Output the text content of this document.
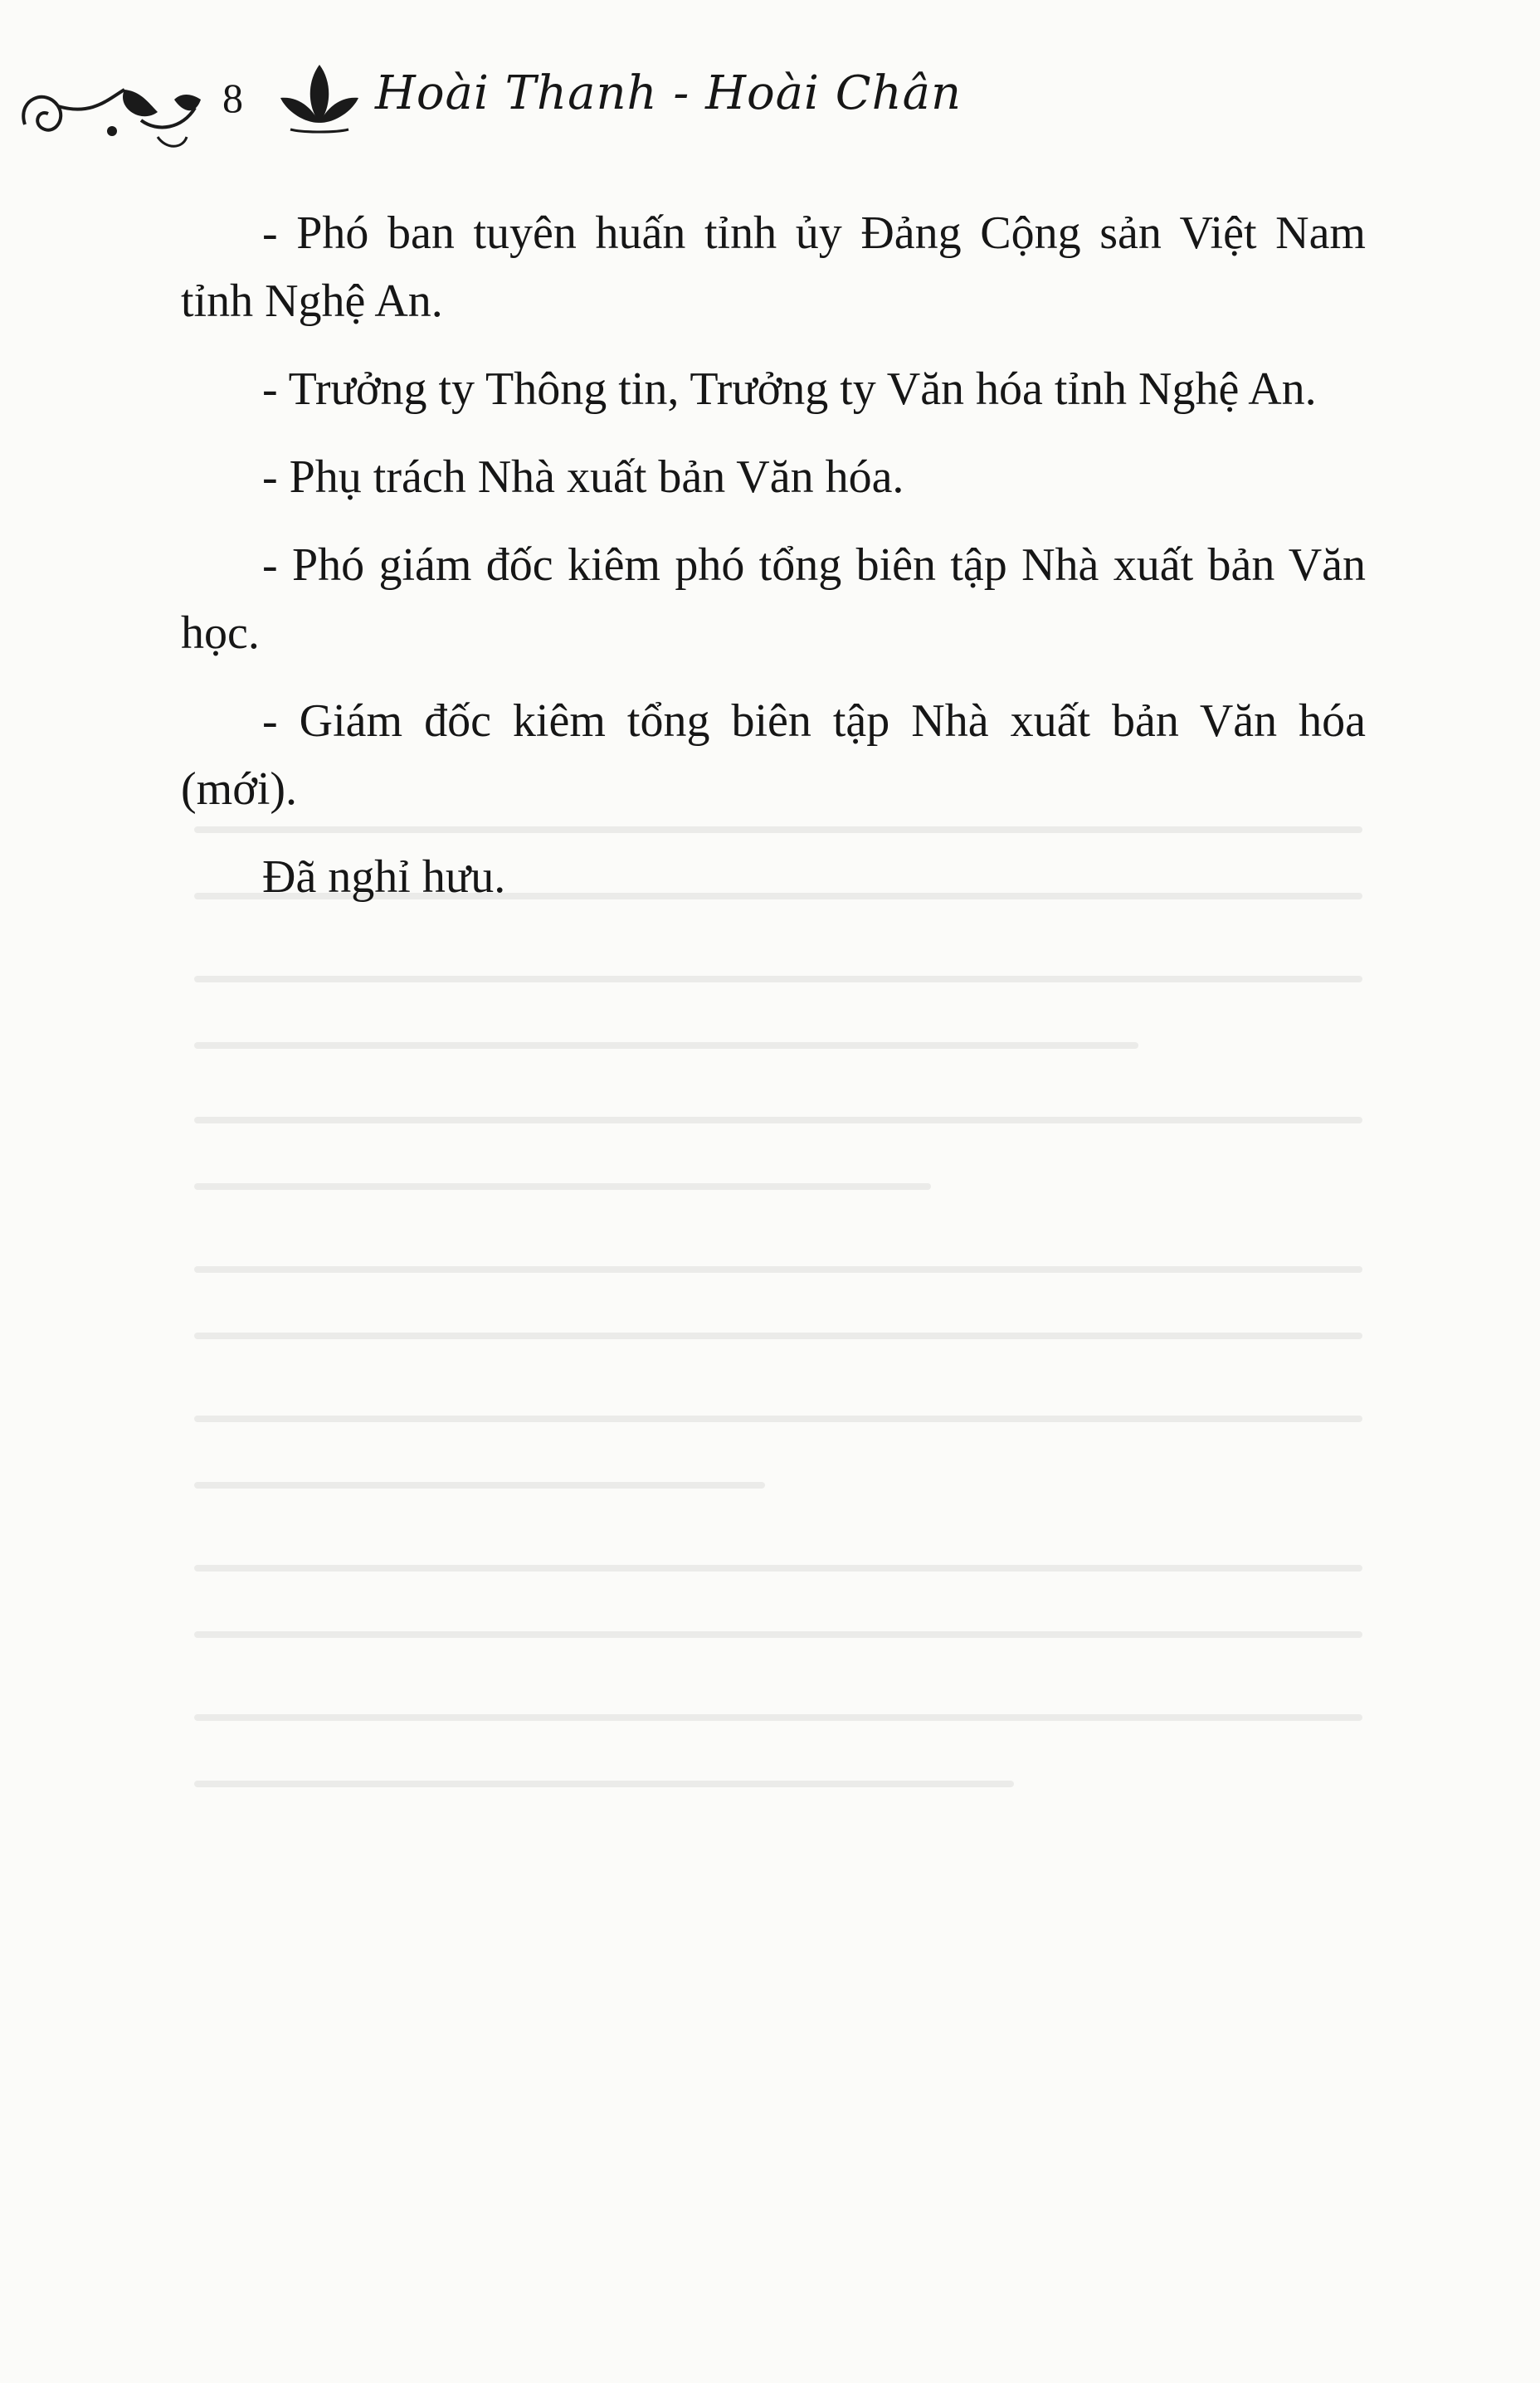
8	Hoài Thanh - Hoài Chân

- Phó ban tuyên huấn tỉnh ủy Đảng Cộng sản Việt Nam tỉnh Nghệ An.

- Trưởng ty Thông tin, Trưởng ty Văn hóa tỉnh Nghệ An.

- Phụ trách Nhà xuất bản Văn hóa.

- Phó giám đốc kiêm phó tổng biên tập Nhà xuất bản Văn học.

- Giám đốc kiêm tổng biên tập Nhà xuất bản Văn hóa (mới).

Đã nghỉ hưu.
